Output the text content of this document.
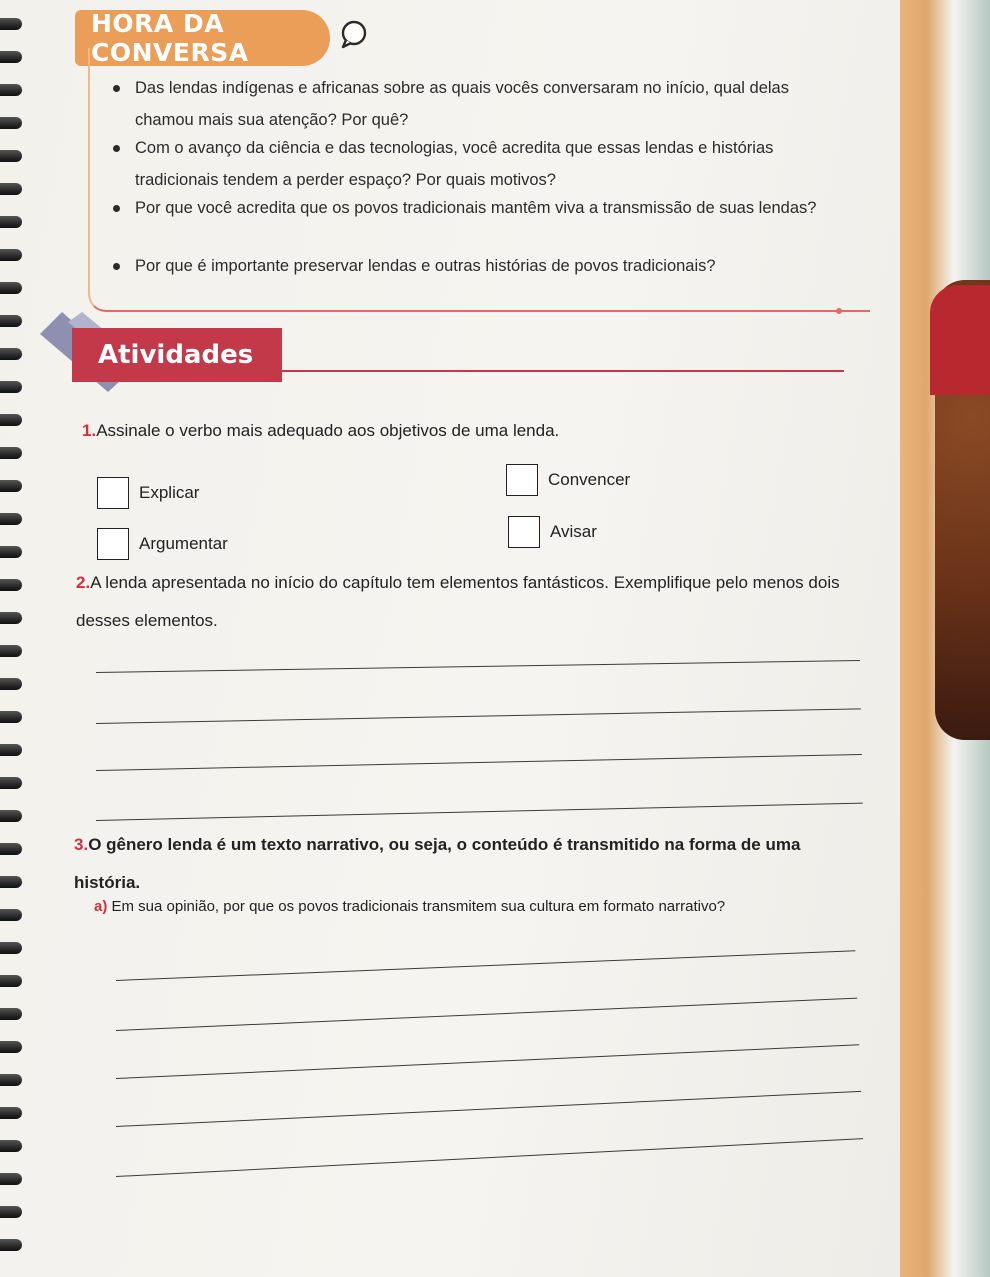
HORA DA CONVERSA
Das lendas indígenas e africanas sobre as quais vocês conversaram no início, qual delas chamou mais sua atenção? Por quê?
Com o avanço da ciência e das tecnologias, você acredita que essas lendas e histórias tradicionais tendem a perder espaço? Por quais motivos?
Por que você acredita que os povos tradicionais mantêm viva a transmissão de suas lendas?
Por que é importante preservar lendas e outras histórias de povos tradicionais?
Atividades
1.Assinale o verbo mais adequado aos objetivos de uma lenda.
Explicar
Convencer
Argumentar
Avisar
2.A lenda apresentada no início do capítulo tem elementos fantásticos. Exemplifique pelo menos dois desses elementos.
3.O gênero lenda é um texto narrativo, ou seja, o conteúdo é transmitido na forma de uma história.
a) Em sua opinião, por que os povos tradicionais transmitem sua cultura em formato narrativo?
